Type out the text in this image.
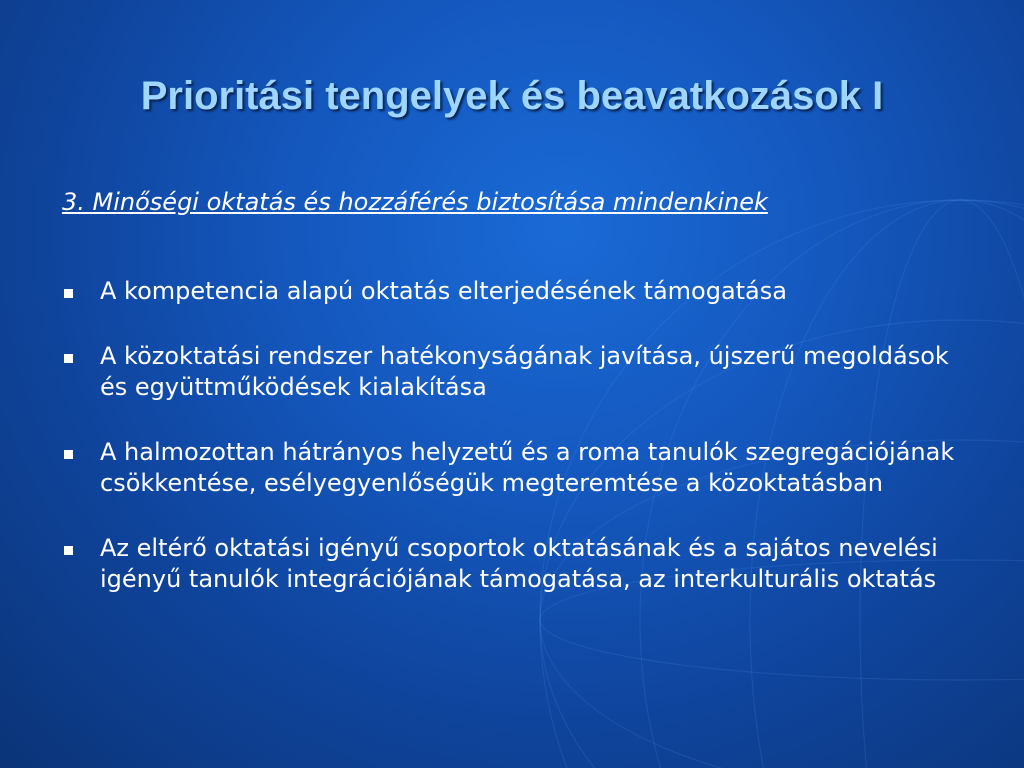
Prioritási tengelyek és beavatkozások I

3. Minőségi oktatás és hozzáférés biztosítása mindenkinek

A kompetencia alapú oktatás elterjedésének támogatása
A közoktatási rendszer hatékonyságának javítása, újszerű megoldások és együttműködések kialakítása
A halmozottan hátrányos helyzetű és a roma tanulók szegregációjának csökkentése, esélyegyenlőségük megteremtése a közoktatásban
Az eltérő oktatási igényű csoportok oktatásának és a sajátos nevelési igényű tanulók integrációjának támogatása, az interkulturális oktatás
